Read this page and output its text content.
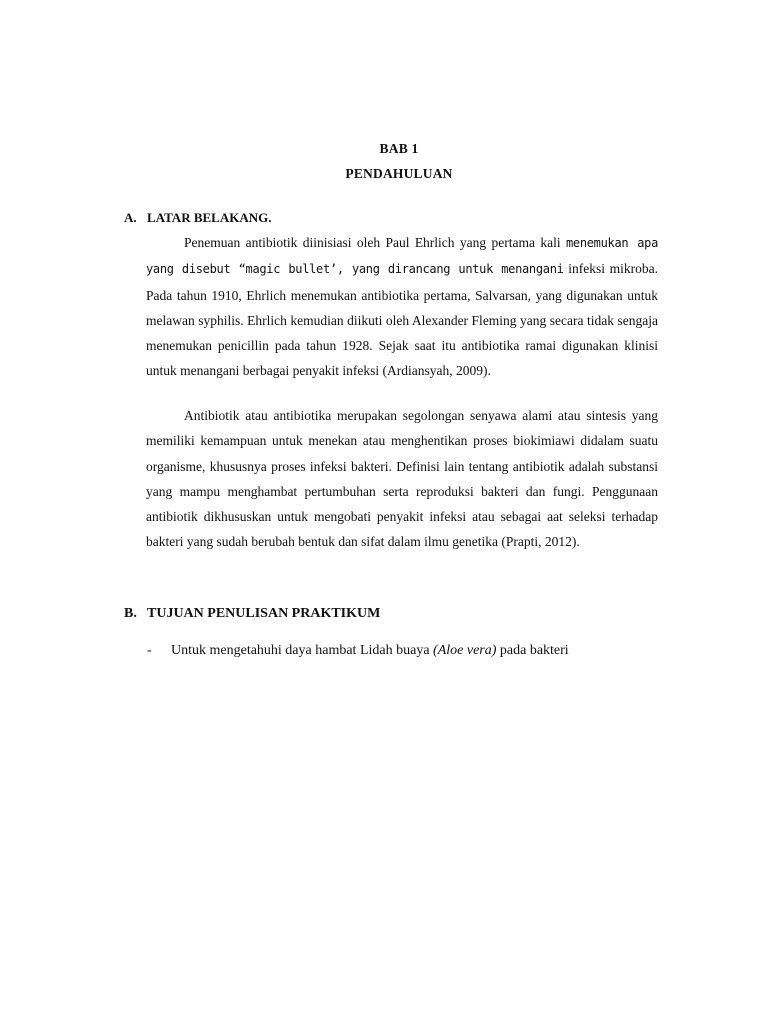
BAB 1
PENDAHULUAN
A. LATAR BELAKANG.

Penemuan antibiotik diinisiasi oleh Paul Ehrlich yang pertama kali menemukan apa yang disebut “magic bullet’, yang dirancang untuk menangani infeksi mikroba. Pada tahun 1910, Ehrlich menemukan antibiotika pertama, Salvarsan, yang digunakan untuk melawan syphilis. Ehrlich kemudian diikuti oleh Alexander Fleming yang secara tidak sengaja menemukan penicillin pada tahun 1928. Sejak saat itu antibiotika ramai digunakan klinisi untuk menangani berbagai penyakit infeksi (Ardiansyah, 2009).

Antibiotik atau antibiotika merupakan segolongan senyawa alami atau sintesis yang memiliki kemampuan untuk menekan atau menghentikan proses biokimiawi didalam suatu organisme, khususnya proses infeksi bakteri. Definisi lain tentang antibiotik adalah substansi yang mampu menghambat pertumbuhan serta reproduksi bakteri dan fungi. Penggunaan antibiotik dikhususkan untuk mengobati penyakit infeksi atau sebagai aat seleksi terhadap bakteri yang sudah berubah bentuk dan sifat dalam ilmu genetika (Prapti, 2012).

B. TUJUAN PENULISAN PRAKTIKUM
- Untuk mengetahuhi daya hambat Lidah buaya (Aloe vera) pada bakteri
